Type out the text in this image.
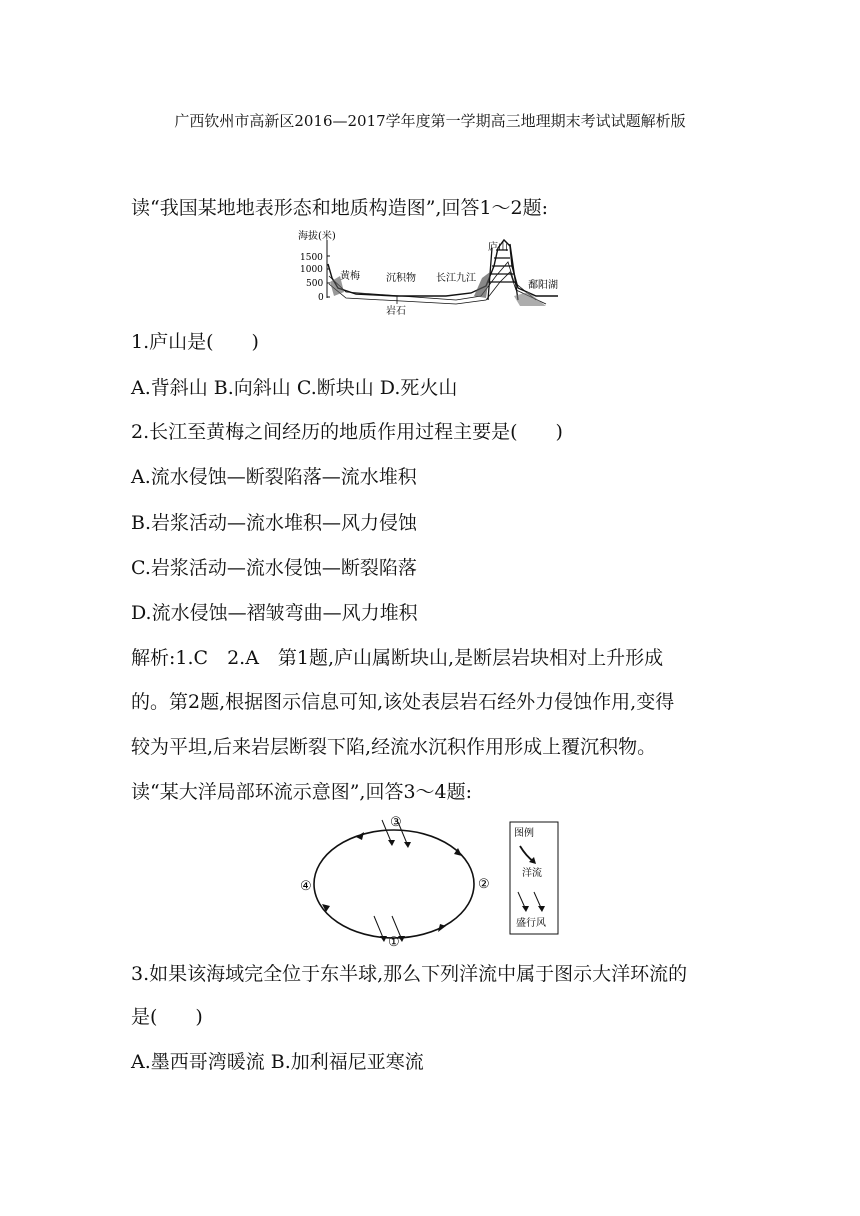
广西钦州市高新区2016—2017学年度第一学期高三地理期末考试试题解析版
读“我国某地地表形态和地质构造图”,回答1～2题:
海拔(米)
1500
1000
500
0
黄梅	沉积物
岩石
长江九江
庐山
鄱阳湖
1.庐山是(　　)
A.背斜山 B.向斜山 C.断块山 D.死火山
2.长江至黄梅之间经历的地质作用过程主要是(　　)
A.流水侵蚀—断裂陷落—流水堆积
B.岩浆活动—流水堆积—风力侵蚀
C.岩浆活动—流水侵蚀—断裂陷落
D.流水侵蚀—褶皱弯曲—风力堆积
解析:1.C　2.A　第1题,庐山属断块山,是断层岩块相对上升形成
的。第2题,根据图示信息可知,该处表层岩石经外力侵蚀作用,变得
较为平坦,后来岩层断裂下陷,经流水沉积作用形成上覆沉积物。
读“某大洋局部环流示意图”,回答3～4题:
③
②
①
④
图例
洋流
盛行风
3.如果该海域完全位于东半球,那么下列洋流中属于图示大洋环流的
是(　　)
A.墨西哥湾暖流 B.加利福尼亚寒流
